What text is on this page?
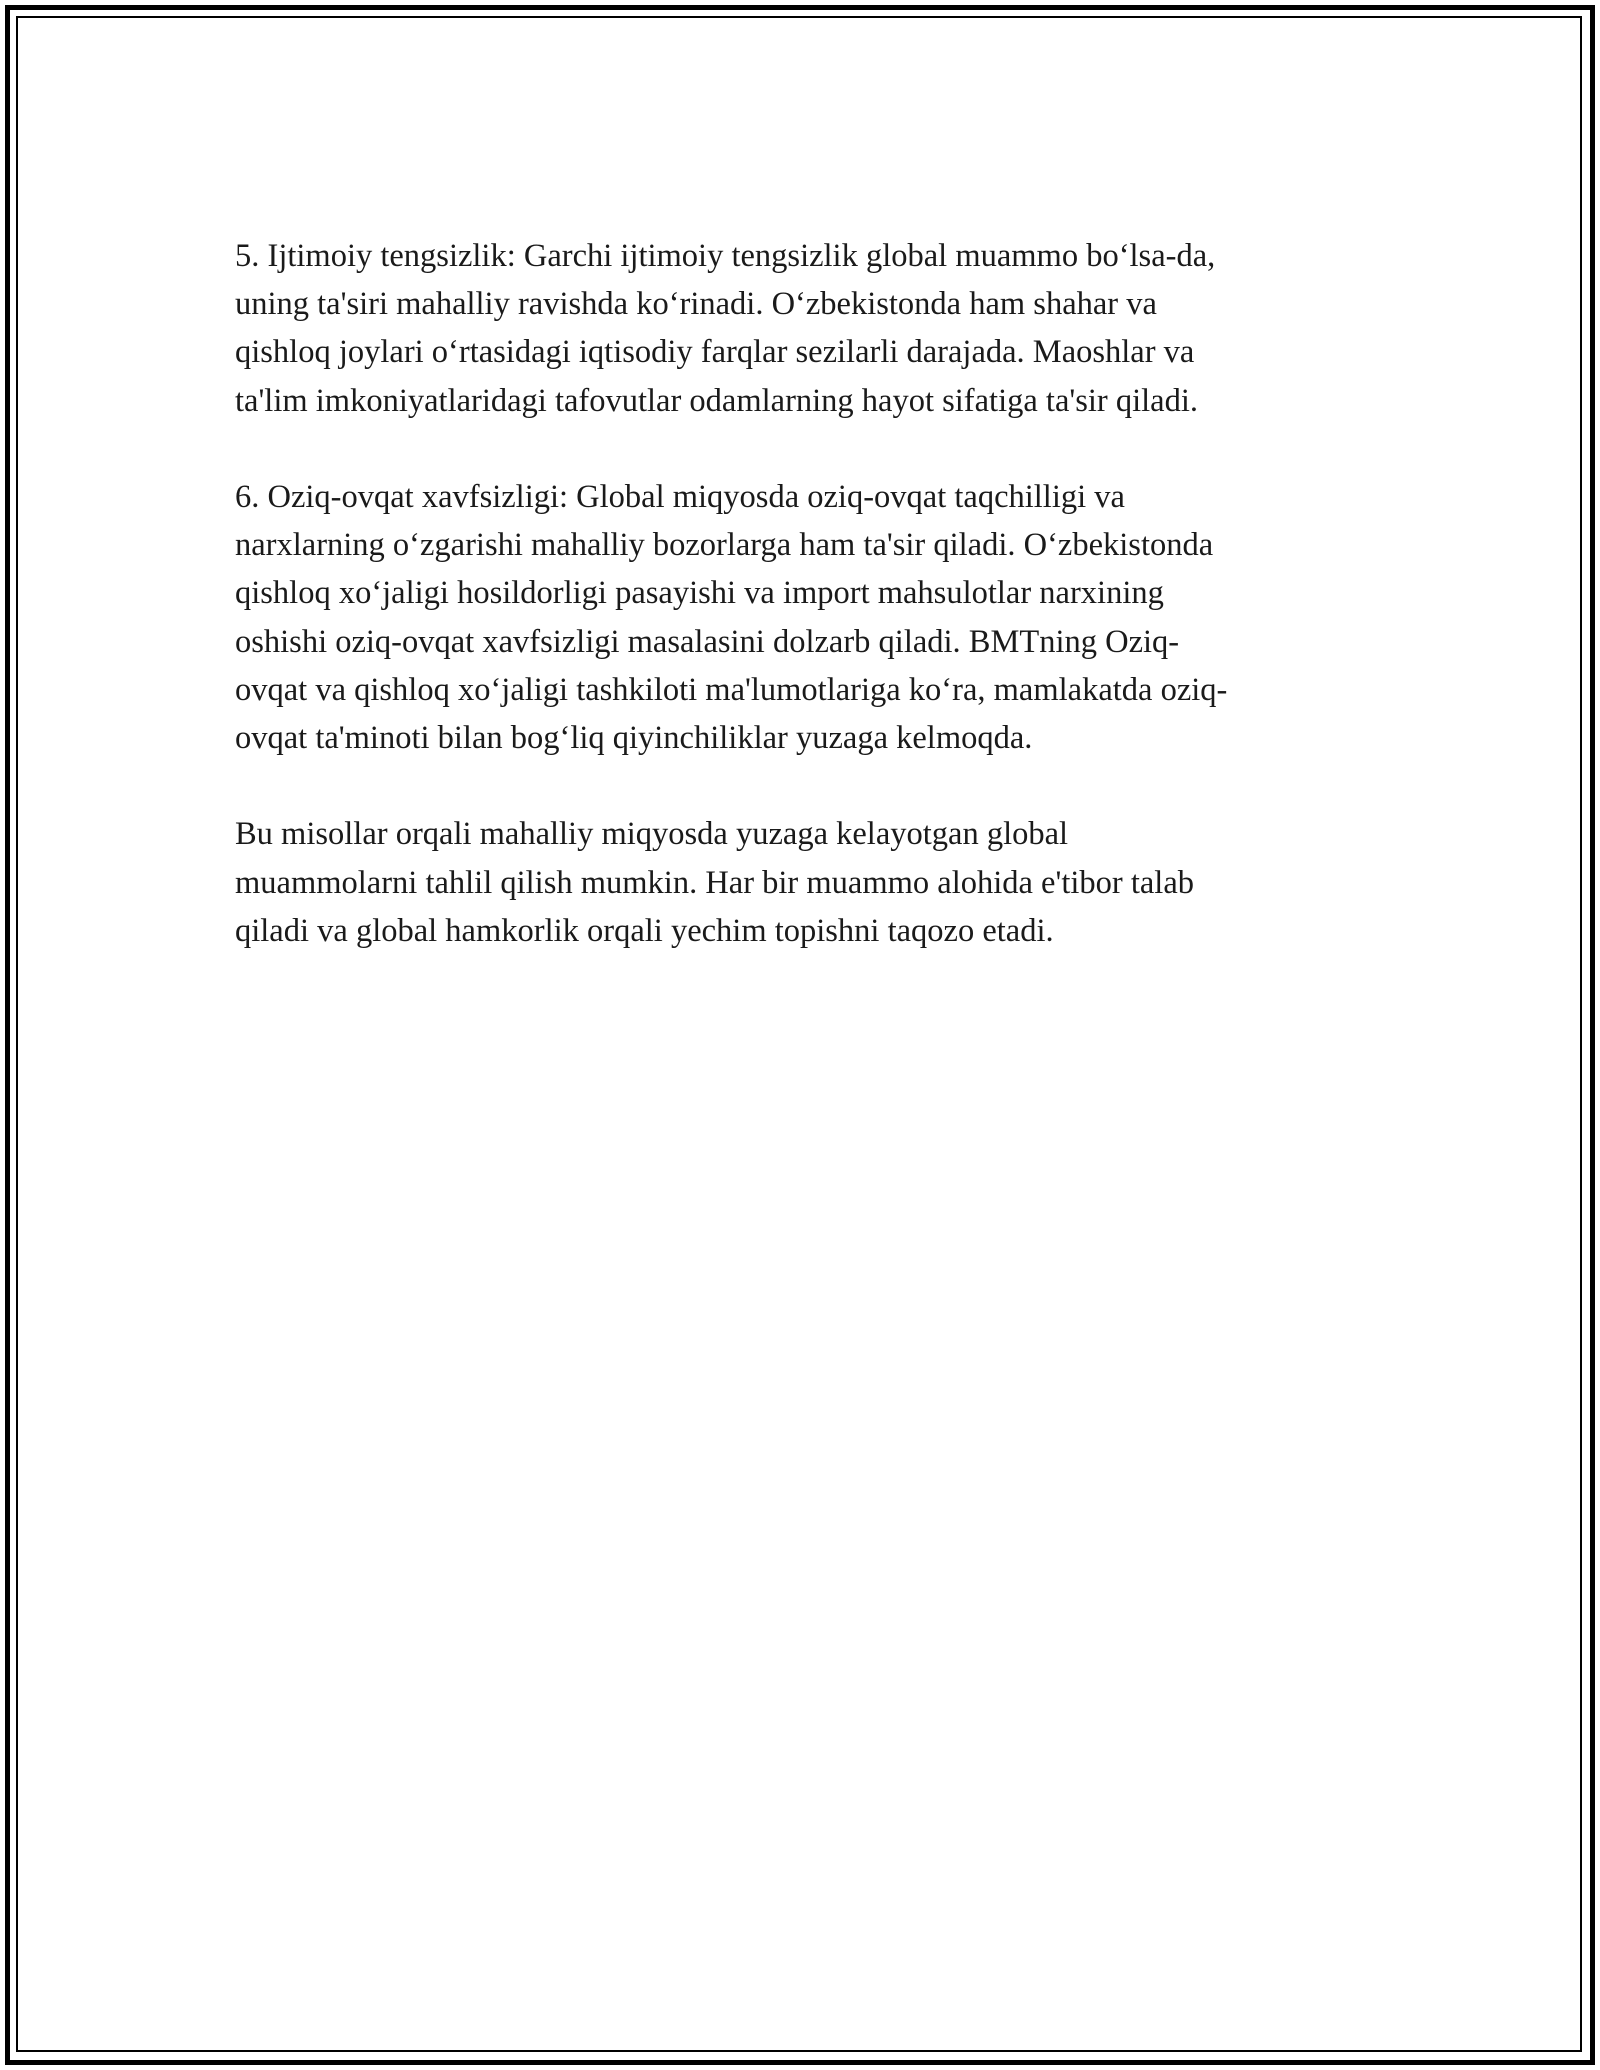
5. Ijtimoiy tengsizlik: Garchi ijtimoiy tengsizlik global muammo bo‘lsa-da,
uning ta'siri mahalliy ravishda ko‘rinadi. O‘zbekistonda ham shahar va
qishloq joylari o‘rtasidagi iqtisodiy farqlar sezilarli darajada. Maoshlar va
ta'lim imkoniyatlaridagi tafovutlar odamlarning hayot sifatiga ta'sir qiladi.

6. Oziq-ovqat xavfsizligi: Global miqyosda oziq-ovqat taqchilligi va
narxlarning o‘zgarishi mahalliy bozorlarga ham ta'sir qiladi. O‘zbekistonda
qishloq xo‘jaligi hosildorligi pasayishi va import mahsulotlar narxining
oshishi oziq-ovqat xavfsizligi masalasini dolzarb qiladi. BMTning Oziq-
ovqat va qishloq xo‘jaligi tashkiloti ma'lumotlariga ko‘ra, mamlakatda oziq-
ovqat ta'minoti bilan bog‘liq qiyinchiliklar yuzaga kelmoqda.

Bu misollar orqali mahalliy miqyosda yuzaga kelayotgan global
muammolarni tahlil qilish mumkin. Har bir muammo alohida e'tibor talab
qiladi va global hamkorlik orqali yechim topishni taqozo etadi.
